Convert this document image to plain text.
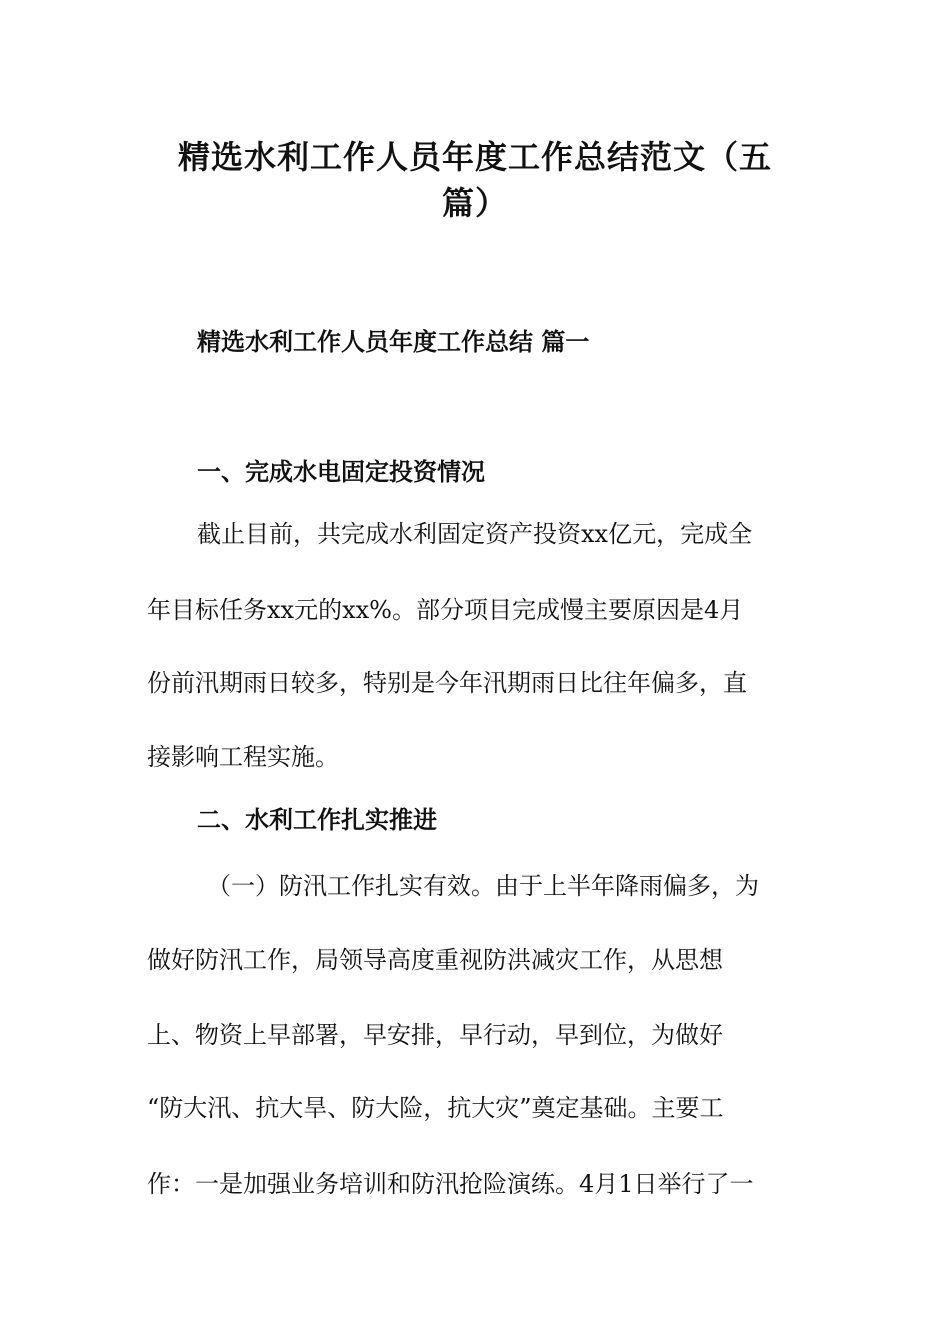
精选水利工作人员年度工作总结范文（五
篇）
精选水利工作人员年度工作总结 篇一
一、完成水电固定投资情况
截止目前，共完成水利固定资产投资xx亿元，完成全
年目标任务xx元的xx%。部分项目完成慢主要原因是4月
份前汛期雨日较多，特别是今年汛期雨日比往年偏多，直
接影响工程实施。
二、水利工作扎实推进
（一）防汛工作扎实有效。由于上半年降雨偏多，为
做好防汛工作，局领导高度重视防洪减灾工作，从思想
上、物资上早部署，早安排，早行动，早到位，为做好
“防大汛、抗大旱、防大险，抗大灾”奠定基础。主要工
作：一是加强业务培训和防汛抢险演练。4月1日举行了一
